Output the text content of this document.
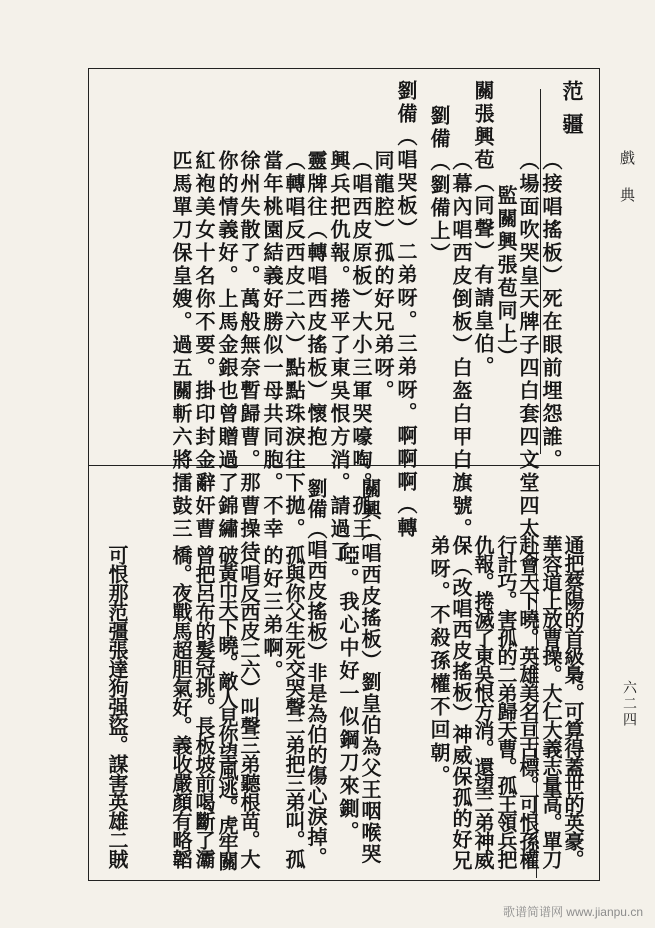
戲典
六二四
范疆
（接唱搖板）死在眼前埋怨誰。
（場面吹哭皇天牌子四白套四文堂四太
監關興張苞同上）
關張興苞（同聲）有請皇伯。
（幕內唱西皮倒板）白盔白甲白旗號。
劉備（劉備上）
劉備（唱哭板）二弟呀。三弟呀。啊啊啊（轉
同龍腔）孤的好兄弟呀。
（唱西皮原板）大小三軍哭嚎啕。孤王
興兵把仇報。捲平了東吳恨方消。請過了
靈牌往（轉唱西皮搖板）懷抱
（轉唱反西皮二六）點點珠淚往下拋。
當年桃園結義好勝似一母共同胞。不幸
徐州失散了。萬般無奈暫歸曹。那曹操待
你的情義好。上馬金銀也曾贈過了錦繡
紅袍美女十名你不要。掛印封金辭奸曹
匹馬單刀保皇嫂。過五關斬六將擂鼓三
通把蔡陽的首級梟。可算得蓋世的英豪。
華容道上放曹操。大仁大義志量高。單刀
赴會天下曉。英雄美名亘古標。可恨孫權
行計巧。害孤的二弟歸天曹。孤王領兵把
仇報。捲滅了東吳恨方消。還望二弟神威
保（改唱西皮搖板）神威保孤的好兄
弟呀。不殺孫權不回朝。
關興（唱西皮搖板）劉皇伯為父王咽喉哭
啞。我心中好一似鋼刀來鍘。
劉備（唱西皮搖板）非是為伯的傷心淚掉。
孤與你父生死交哭聲二弟把三弟叫。孤
的好三弟啊。
（唱反西皮二六）叫聲三弟聽根苗。大
破黃巾天下曉。敵人見你望風逃。虎牢關
曾把呂布的髮冠挑。長板坡前喝斷了灞
橋。夜戰馬超胆氣好。義收嚴顏有略韜
可恨那范彊張達狗强盜。謀害英雄二賊
歌谱简谱网 www.jianpu.cn
